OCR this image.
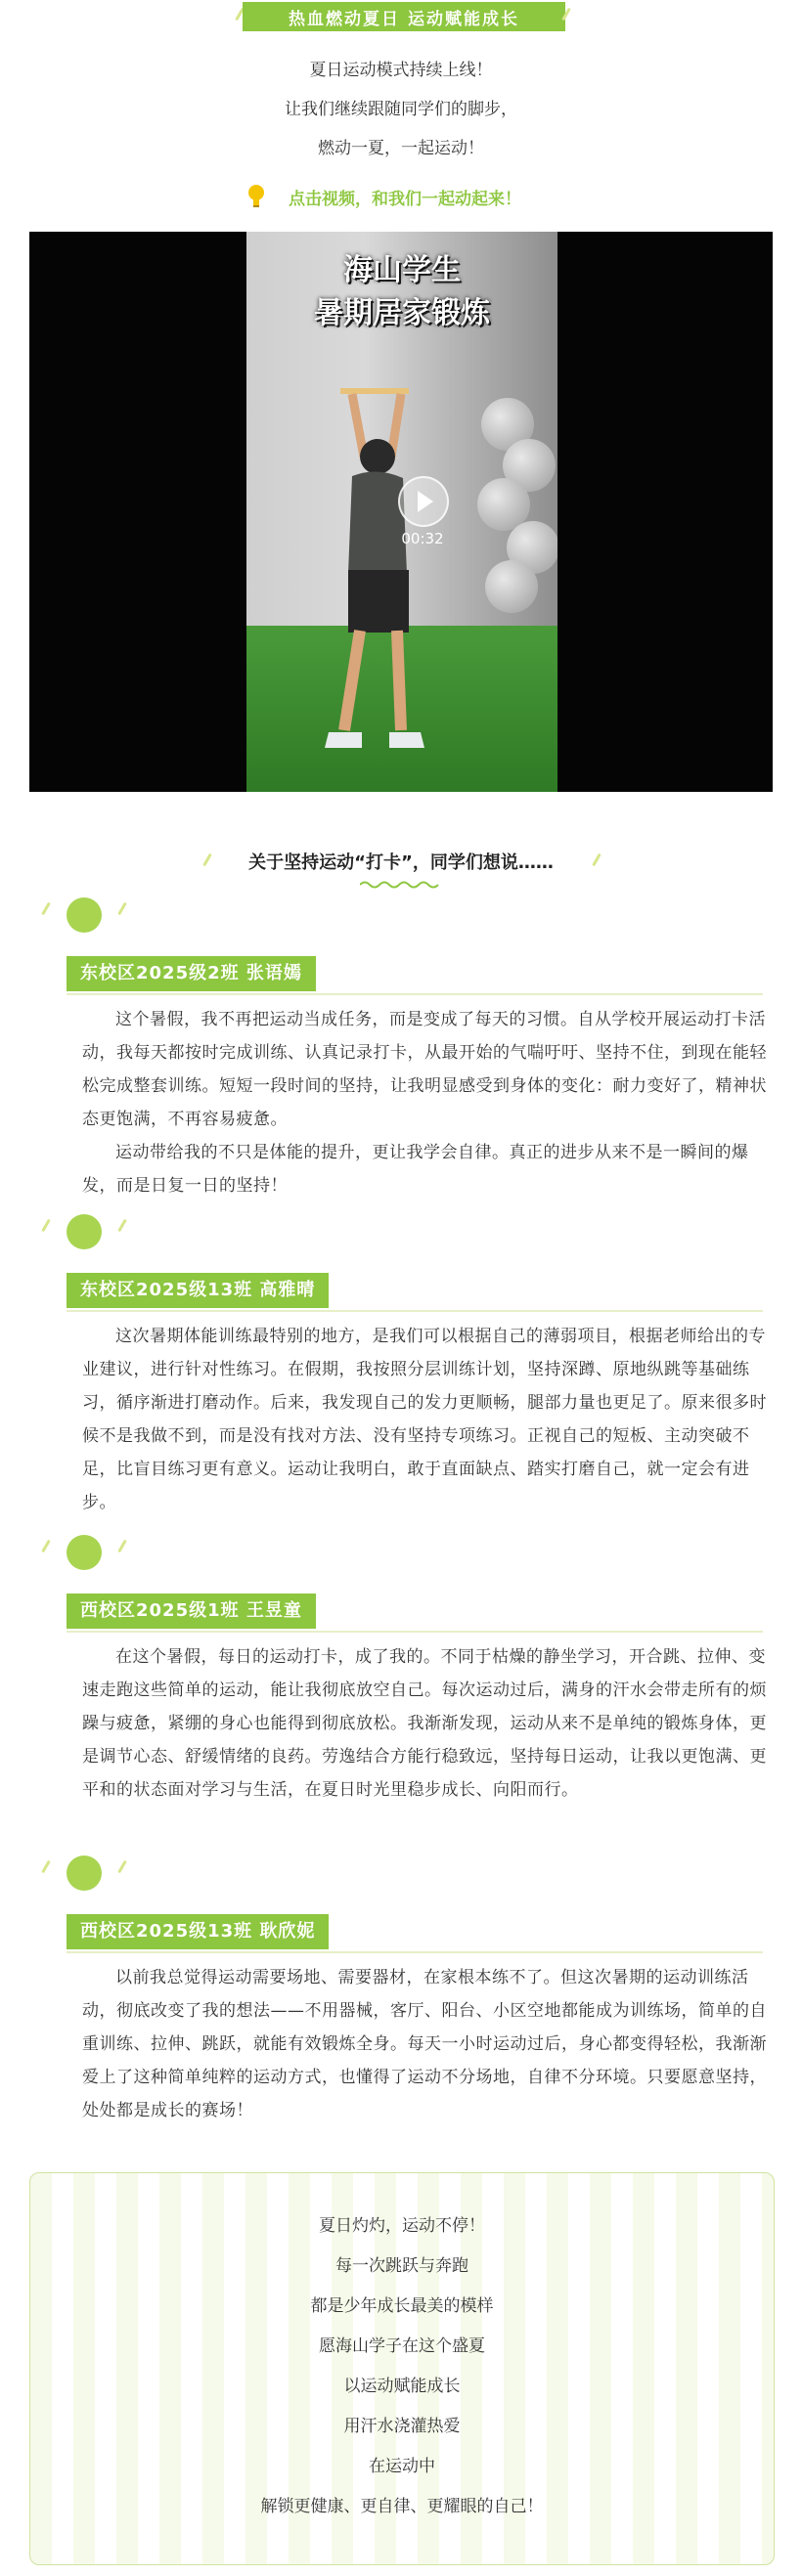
热血燃动夏日 运动赋能成长
夏日运动模式持续上线！
让我们继续跟随同学们的脚步，
燃动一夏，一起运动！
点击视频，和我们一起动起来！
海山学生
暑期居家锻炼
00:32
关于坚持运动“打卡”，同学们想说……
东校区2025级2班 张语嫣
这个暑假，我不再把运动当成任务，而是变成了每天的习惯。自从学校开展运动打卡活动，我每天都按时完成训练、认真记录打卡，从最开始的气喘吁吁、坚持不住，到现在能轻松完成整套训练。短短一段时间的坚持，让我明显感受到身体的变化：耐力变好了，精神状态更饱满，不再容易疲惫。
运动带给我的不只是体能的提升，更让我学会自律。真正的进步从来不是一瞬间的爆发，而是日复一日的坚持！
东校区2025级13班 高雅晴
这次暑期体能训练最特别的地方，是我们可以根据自己的薄弱项目，根据老师给出的专业建议，进行针对性练习。在假期，我按照分层训练计划，坚持深蹲、原地纵跳等基础练习，循序渐进打磨动作。后来，我发现自己的发力更顺畅，腿部力量也更足了。原来很多时候不是我做不到，而是没有找对方法、没有坚持专项练习。正视自己的短板、主动突破不足，比盲目练习更有意义。运动让我明白，敢于直面缺点、踏实打磨自己，就一定会有进步。
西校区2025级1班 王昱童
在这个暑假，每日的运动打卡，成了我的。不同于枯燥的静坐学习，开合跳、拉伸、变速走跑这些简单的运动，能让我彻底放空自己。每次运动过后，满身的汗水会带走所有的烦躁与疲惫，紧绷的身心也能得到彻底放松。我渐渐发现，运动从来不是单纯的锻炼身体，更是调节心态、舒缓情绪的良药。劳逸结合方能行稳致远，坚持每日运动，让我以更饱满、更平和的状态面对学习与生活，在夏日时光里稳步成长、向阳而行。
西校区2025级13班 耿欣妮
以前我总觉得运动需要场地、需要器材，在家根本练不了。但这次暑期的运动训练活动，彻底改变了我的想法——不用器械，客厅、阳台、小区空地都能成为训练场，简单的自重训练、拉伸、跳跃，就能有效锻炼全身。每天一小时运动过后，身心都变得轻松，我渐渐爱上了这种简单纯粹的运动方式，也懂得了运动不分场地，自律不分环境。只要愿意坚持，处处都是成长的赛场！
夏日灼灼，运动不停！
每一次跳跃与奔跑
都是少年成长最美的模样
愿海山学子在这个盛夏
以运动赋能成长
用汗水浇灌热爱
在运动中
解锁更健康、更自律、更耀眼的自己！
